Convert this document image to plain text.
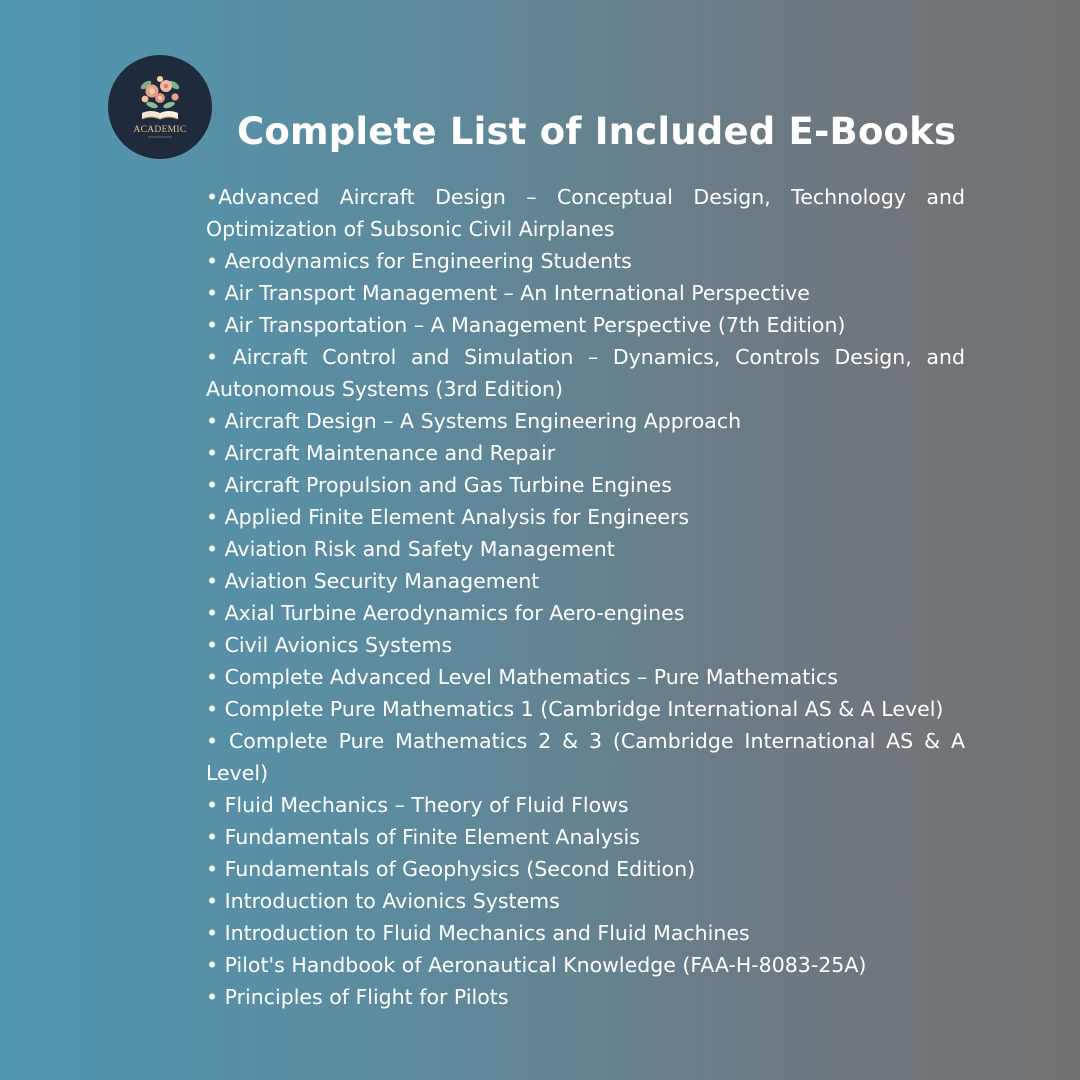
ACADEMIC Complete List of Included E-Books
•Advanced Aircraft Design – Conceptual Design, Technology and Optimization of Subsonic Civil Airplanes
• Aerodynamics for Engineering Students
• Air Transport Management – An International Perspective
• Air Transportation – A Management Perspective (7th Edition)
• Aircraft Control and Simulation – Dynamics, Controls Design, and Autonomous Systems (3rd Edition)
• Aircraft Design – A Systems Engineering Approach
• Aircraft Maintenance and Repair
• Aircraft Propulsion and Gas Turbine Engines
• Applied Finite Element Analysis for Engineers
• Aviation Risk and Safety Management
• Aviation Security Management
• Axial Turbine Aerodynamics for Aero-engines
• Civil Avionics Systems
• Complete Advanced Level Mathematics – Pure Mathematics
• Complete Pure Mathematics 1 (Cambridge International AS & A Level)
• Complete Pure Mathematics 2 & 3 (Cambridge International AS & A Level)
• Fluid Mechanics – Theory of Fluid Flows
• Fundamentals of Finite Element Analysis
• Fundamentals of Geophysics (Second Edition)
• Introduction to Avionics Systems
• Introduction to Fluid Mechanics and Fluid Machines
• Pilot's Handbook of Aeronautical Knowledge (FAA-H-8083-25A)
• Principles of Flight for Pilots
